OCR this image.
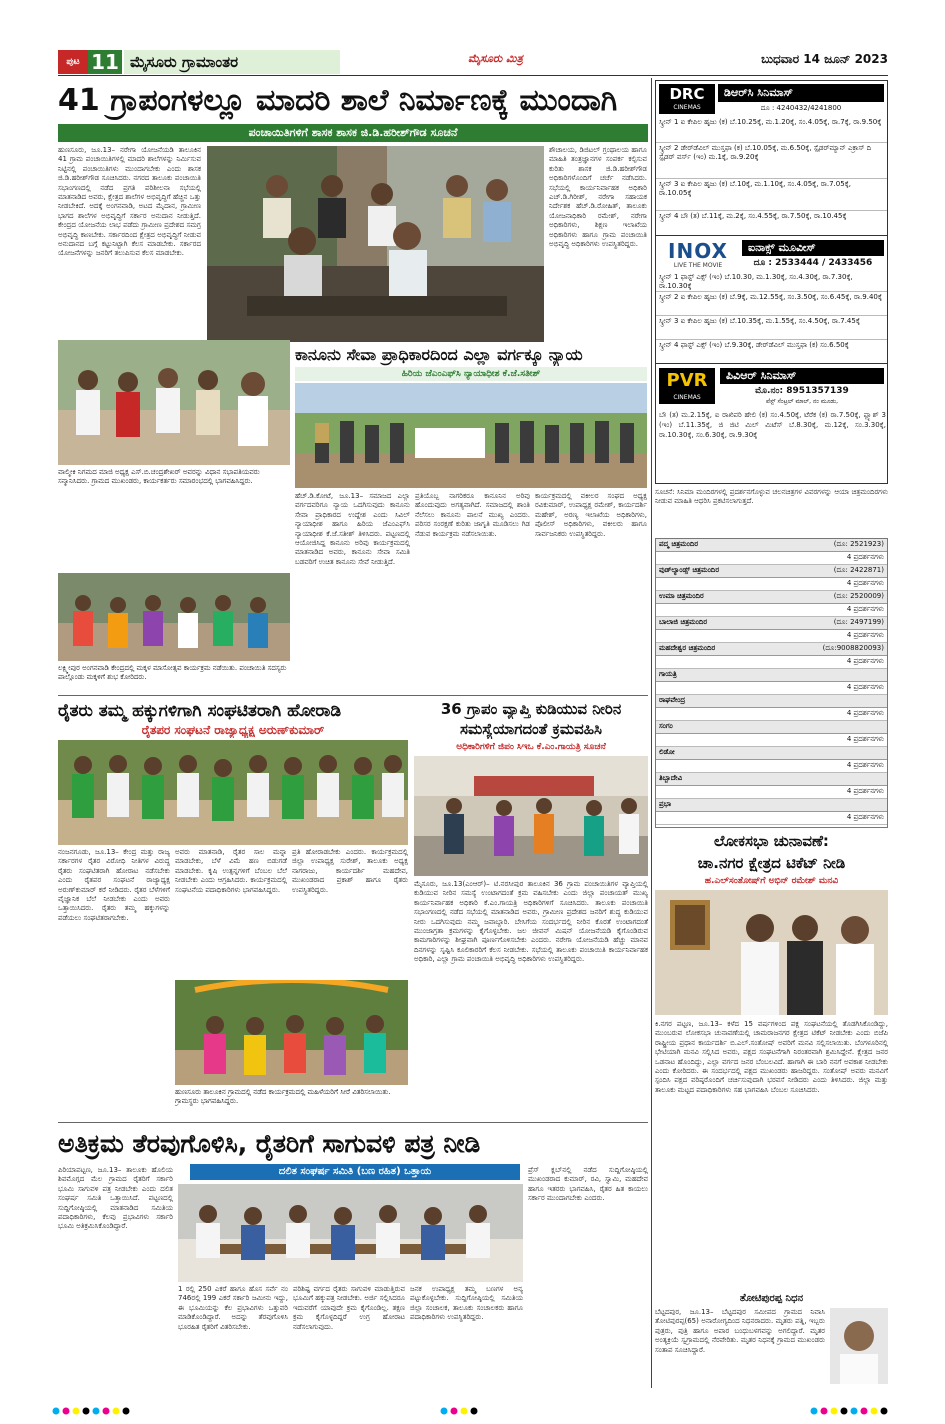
ಪುಟ 11 ಮೈಸೂರು ಗ್ರಾಮಾಂತರ	ಮೈಸೂರು ಮಿತ್ರ	ಬುಧವಾರ 14 ಜೂನ್ 2023
41 ಗ್ರಾಪಂಗಳಲ್ಲೂ ಮಾದರಿ ಶಾಲೆ ನಿರ್ಮಾಣಕ್ಕೆ ಮುಂದಾಗಿ
ಪಂಚಾಯಿತಿಗಳಿಗೆ ಶಾಸಕ ಶಾಸಕ ಜಿ.ಡಿ.ಹರೀಶ್‌ಗೌಡ ಸೂಚನೆ
ಹುಣಸೂರು, ಜೂ.13– ನರೇಗಾ ಯೋಜನೆಯಡಿ ತಾಲೂಕಿನ 41 ಗ್ರಾಮ ಪಂಚಾಯಿತಿಗಳಲ್ಲಿ ಮಾದರಿ ಶಾಲೆಗಳನ್ನು ನಿರ್ಮಿಸುವ ನಿಟ್ಟಿನಲ್ಲಿ ಪಂಚಾಯಿತಿಗಳು ಮುಂದಾಗಬೇಕು ಎಂದು ಶಾಸಕ ಜಿ.ಡಿ.ಹರೀಶ್‌ಗೌಡ ಸೂಚಿಸಿದರು. ನಗರದ ತಾಲೂಕು ಪಂಚಾಯಿತಿ ಸಭಾಂಗಣದಲ್ಲಿ ನಡೆದ ಪ್ರಗತಿ ಪರಿಶೀಲನಾ ಸಭೆಯಲ್ಲಿ ಮಾತನಾಡಿದ ಅವರು, ಕ್ಷೇತ್ರದ ಶಾಲೆಗಳ ಅಭಿವೃದ್ಧಿಗೆ ಹೆಚ್ಚಿನ ಒತ್ತು ನೀಡಬೇಕಿದೆ. ಅದಕ್ಕೆ ಅಂಗನವಾಡಿ, ಅಟದ ಮೈದಾನ, ಗ್ರಾಮೀಣ ಭಾಗದ ಶಾಲೆಗಳ ಅಭಿವೃದ್ಧಿಗೆ ಸರ್ಕಾರ ಅನುದಾನ ನೀಡುತ್ತಿದೆ. ಕೇಂದ್ರದ ಯೋಜನೆಯ ಲಾಭ ಪಡೆದು ಗ್ರಾಮೀಣ ಪ್ರದೇಶದ ಸಮಗ್ರ ಅಭಿವೃದ್ಧಿ ಕಾಣಬೇಕು. ಸರ್ಕಾರದಿಂದ ಕ್ಷೇತ್ರದ ಅಭಿವೃದ್ಧಿಗೆ ನೀಡುವ ಅನುದಾನದ ಬಗ್ಗೆ ಕಟ್ಟುನಿಟ್ಟಾಗಿ ಕೆಲಸ ಮಾಡಬೇಕು. ಸರ್ಕಾರದ ಯೋಜನೆಗಳನ್ನು ಜನರಿಗೆ ತಲುಪಿಸುವ ಕೆಲಸ ಮಾಡಬೇಕು.
ಶೌಚಾಲಯ, ಡಿಜಿಟಲ್ ಗ್ರಂಥಾಲಯ ಹಾಗೂ ಮಾಹಿತಿ ತಂತ್ರಜ್ಞಾನಗಳ ಸಂಪರ್ಕ ಕಲ್ಪಿಸುವ ಕುರಿತು ಶಾಸಕ ಜಿ.ಡಿ.ಹರೀಶ್‌ಗೌಡ ಅಧಿಕಾರಿಗಳೊಂದಿಗೆ ಚರ್ಚೆ ನಡೆಸಿದರು. ಸಭೆಯಲ್ಲಿ ಕಾರ್ಯನಿರ್ವಾಹಕ ಅಧಿಕಾರಿ ಎಚ್.ಡಿ.ಗಿರೀಶ್, ನರೇಗಾ ಸಹಾಯಕ ನಿರ್ದೇಶಕ ಹೆಚ್.ಡಿ.ರೋಹಿತ್, ತಾಲೂಕು ಯೋಜನಾಧಿಕಾರಿ ರಮೇಶ್, ನರೇಗಾ ಅಧಿಕಾರಿಗಳು, ಶಿಕ್ಷಣ ಇಲಾಖೆಯ ಅಧಿಕಾರಿಗಳು ಹಾಗೂ ಗ್ರಾಮ ಪಂಚಾಯಿತಿ ಅಭಿವೃದ್ಧಿ ಅಧಿಕಾರಿಗಳು ಉಪಸ್ಥಿತರಿದ್ದರು.
ವಾಲ್ಮೀಕಿ ನಿಗಮದ ಮಾಜಿ ಅಧ್ಯಕ್ಷ ಎಸ್.ಬಿ.ಚಂದ್ರಶೇಖರ್ ಅವರನ್ನು ವಿಧಾನ ಸಭಾಪತಿಯವರು ಸನ್ಮಾನಿಸಿದರು. ಗ್ರಾಮದ ಮುಖಂಡರು, ಕಾರ್ಯಕರ್ತರು ಸಮಾರಂಭದಲ್ಲಿ ಭಾಗವಹಿಸಿದ್ದರು.
ಲಕ್ಷ್ಮೀಪುರ ಅಂಗನವಾಡಿ ಕೇಂದ್ರದಲ್ಲಿ ಮಕ್ಕಳ ಮಾಸೋತ್ಸವ ಕಾರ್ಯಕ್ರಮ ನಡೆಯಿತು. ಪಂಚಾಯಿತಿ ಸದಸ್ಯರು ಪಾಲ್ಗೊಂಡು ಮಕ್ಕಳಿಗೆ ಶುಭ ಕೋರಿದರು.
ಕಾನೂನು ಸೇವಾ ಪ್ರಾಧಿಕಾರದಿಂದ ಎಲ್ಲಾ ವರ್ಗಕ್ಕೂ ನ್ಯಾಯ
ಹಿರಿಯ ಜೆಎಂಎಫ್‌ಸಿ ನ್ಯಾಯಾಧೀಶ ಕೆ.ಜೆ.ಸತೀಶ್
ಹೆಚ್.ಡಿ.ಕೋಟೆ, ಜೂ.13– ಸಮಾಜದ ಎಲ್ಲಾ ವರ್ಗದವರಿಗೂ ನ್ಯಾಯ ಒದಗಿಸುವುದು ಕಾನೂನು ಸೇವಾ ಪ್ರಾಧಿಕಾರದ ಉದ್ದೇಶ ಎಂದು ಸಿವಿಲ್ ನ್ಯಾಯಾಧೀಶ ಹಾಗೂ ಹಿರಿಯ ಜೆಎಂಎಫ್‌ಸಿ ನ್ಯಾಯಾಧೀಶ ಕೆ.ಜೆ.ಸತೀಶ್ ತಿಳಿಸಿದರು. ಪಟ್ಟಣದಲ್ಲಿ ಆಯೋಜಿಸಿದ್ದ ಕಾನೂನು ಅರಿವು ಕಾರ್ಯಕ್ರಮದಲ್ಲಿ ಮಾತನಾಡಿದ ಅವರು, ಕಾನೂನು ಸೇವಾ ಸಮಿತಿ ಬಡವರಿಗೆ ಉಚಿತ ಕಾನೂನು ಸೇವೆ ನೀಡುತ್ತಿದೆ.
ಪ್ರತಿಯೊಬ್ಬ ನಾಗರಿಕರೂ ಕಾನೂನಿನ ಅರಿವು ಹೊಂದುವುದು ಅಗತ್ಯವಾಗಿದೆ. ಸಮಾಜದಲ್ಲಿ ಶಾಂತಿ ನೆಲೆಸಲು ಕಾನೂನು ಪಾಲನೆ ಮುಖ್ಯ ಎಂದರು. ಪರಿಸರ ಸಂರಕ್ಷಣೆ ಕುರಿತು ಜಾಗೃತಿ ಮೂಡಿಸಲು ಗಿಡ ನೆಡುವ ಕಾರ್ಯಕ್ರಮ ನಡೆಸಲಾಯಿತು.
ಕಾರ್ಯಕ್ರಮದಲ್ಲಿ ವಕೀಲರ ಸಂಘದ ಅಧ್ಯಕ್ಷ ರವಿಕುಮಾರ್, ಉಪಾಧ್ಯಕ್ಷ ರಮೇಶ್, ಕಾರ್ಯದರ್ಶಿ ಮಹೇಶ್, ಅರಣ್ಯ ಇಲಾಖೆಯ ಅಧಿಕಾರಿಗಳು, ಪೊಲೀಸ್ ಅಧಿಕಾರಿಗಳು, ವಕೀಲರು ಹಾಗೂ ಸಾರ್ವಜನಿಕರು ಉಪಸ್ಥಿತರಿದ್ದರು.
ರೈತರು ತಮ್ಮ ಹಕ್ಕುಗಳಿಗಾಗಿ ಸಂಘಟಿತರಾಗಿ ಹೋರಾಡಿ
ರೈತಪರ ಸಂಘಟನೆ ರಾಜ್ಯಾಧ್ಯಕ್ಷ ಅರುಣ್‌ಕುಮಾರ್
ನಂಜನಗೂಡು, ಜೂ.13– ಕೇಂದ್ರ ಮತ್ತು ರಾಜ್ಯ ಸರ್ಕಾರಗಳ ರೈತರ ವಿರೋಧಿ ನೀತಿಗಳ ವಿರುದ್ಧ ರೈತರು ಸಂಘಟಿತರಾಗಿ ಹೋರಾಟ ನಡೆಸಬೇಕು ಎಂದು ರೈತಪರ ಸಂಘಟನೆ ರಾಜ್ಯಾಧ್ಯಕ್ಷ ಅರುಣ್‌ಕುಮಾರ್ ಕರೆ ನೀಡಿದರು. ರೈತರ ಬೆಳೆಗಳಿಗೆ ವೈಜ್ಞಾನಿಕ ಬೆಲೆ ನೀಡಬೇಕು ಎಂದು ಅವರು ಒತ್ತಾಯಿಸಿದರು. ರೈತರು ತಮ್ಮ ಹಕ್ಕುಗಳನ್ನು ಪಡೆಯಲು ಸಂಘಟಿತರಾಗಬೇಕು.
ಅವರು ಮಾತನಾಡಿ, ರೈತರ ಸಾಲ ಮನ್ನಾ ಮಾಡಬೇಕು, ಬೆಳೆ ವಿಮೆ ಹಣ ಬಿಡುಗಡೆ ಮಾಡಬೇಕು. ಕೃಷಿ ಉತ್ಪನ್ನಗಳಿಗೆ ಬೆಂಬಲ ಬೆಲೆ ನೀಡಬೇಕು ಎಂದು ಆಗ್ರಹಿಸಿದರು. ಕಾರ್ಯಕ್ರಮದಲ್ಲಿ ಸಂಘಟನೆಯ ಪದಾಧಿಕಾರಿಗಳು ಭಾಗವಹಿಸಿದ್ದರು.
ಪ್ರತಿ ಹೋರಾಡಬೇಕು ಎಂದರು. ಕಾರ್ಯಕ್ರಮದಲ್ಲಿ ಜಿಲ್ಲಾ ಉಪಾಧ್ಯಕ್ಷ ಸುರೇಶ್, ತಾಲೂಕು ಅಧ್ಯಕ್ಷ ನಾಗರಾಜು, ಕಾರ್ಯದರ್ಶಿ ಮಹದೇವ, ಮುಖಂಡರಾದ ಪ್ರಕಾಶ್ ಹಾಗೂ ರೈತರು ಉಪಸ್ಥಿತರಿದ್ದರು.
ಹುಣಸೂರು ತಾಲೂಕಿನ ಗ್ರಾಮದಲ್ಲಿ ನಡೆದ ಕಾರ್ಯಕ್ರಮದಲ್ಲಿ ಮಹಿಳೆಯರಿಗೆ ಸೀರೆ ವಿತರಿಸಲಾಯಿತು. ಗ್ರಾಮಸ್ಥರು ಭಾಗವಹಿಸಿದ್ದರು.
36 ಗ್ರಾಪಂ ವ್ಯಾಪ್ತಿ ಕುಡಿಯುವ ನೀರಿನ
ಸಮಸ್ಯೆಯಾಗದಂತೆ ಕ್ರಮವಹಿಸಿ
ಅಧಿಕಾರಿಗಳಿಗೆ ಜಿಪಂ ಸಿಇಒ ಕೆ.ಎಂ.ಗಾಯತ್ರಿ ಸೂಚನೆ
ಮೈಸೂರು, ಜೂ.13(ಎಂಆರ್)– ಟಿ.ನರಸೀಪುರ ತಾಲೂಕಿನ 36 ಗ್ರಾಮ ಪಂಚಾಯಿತಿಗಳ ವ್ಯಾಪ್ತಿಯಲ್ಲಿ ಕುಡಿಯುವ ನೀರಿನ ಸಮಸ್ಯೆ ಉಂಟಾಗದಂತೆ ಕ್ರಮ ವಹಿಸಬೇಕು ಎಂದು ಜಿಲ್ಲಾ ಪಂಚಾಯತ್ ಮುಖ್ಯ ಕಾರ್ಯನಿರ್ವಾಹಕ ಅಧಿಕಾರಿ ಕೆ.ಎಂ.ಗಾಯತ್ರಿ ಅಧಿಕಾರಿಗಳಿಗೆ ಸೂಚಿಸಿದರು. ತಾಲೂಕು ಪಂಚಾಯಿತಿ ಸಭಾಂಗಣದಲ್ಲಿ ನಡೆದ ಸಭೆಯಲ್ಲಿ ಮಾತನಾಡಿದ ಅವರು, ಗ್ರಾಮೀಣ ಪ್ರದೇಶದ ಜನರಿಗೆ ಶುದ್ಧ ಕುಡಿಯುವ ನೀರು ಒದಗಿಸುವುದು ನಮ್ಮ ಜವಾಬ್ದಾರಿ. ಬೇಸಿಗೆಯ ಸಂದರ್ಭದಲ್ಲಿ ನೀರಿನ ಕೊರತೆ ಉಂಟಾಗದಂತೆ ಮುಂಜಾಗ್ರತಾ ಕ್ರಮಗಳನ್ನು ಕೈಗೊಳ್ಳಬೇಕು. ಜಲ ಜೀವನ್ ಮಿಷನ್ ಯೋಜನೆಯಡಿ ಕೈಗೊಂಡಿರುವ ಕಾಮಗಾರಿಗಳನ್ನು ಶೀಘ್ರವಾಗಿ ಪೂರ್ಣಗೊಳಿಸಬೇಕು ಎಂದರು. ನರೇಗಾ ಯೋಜನೆಯಡಿ ಹೆಚ್ಚು ಮಾನವ ದಿನಗಳನ್ನು ಸೃಷ್ಟಿಸಿ ಕೂಲಿಕಾರರಿಗೆ ಕೆಲಸ ನೀಡಬೇಕು. ಸಭೆಯಲ್ಲಿ ತಾಲೂಕು ಪಂಚಾಯಿತಿ ಕಾರ್ಯನಿರ್ವಾಹಕ ಅಧಿಕಾರಿ, ಎಲ್ಲಾ ಗ್ರಾಮ ಪಂಚಾಯಿತಿ ಅಭಿವೃದ್ಧಿ ಅಧಿಕಾರಿಗಳು ಉಪಸ್ಥಿತರಿದ್ದರು.
ಅತಿಕ್ರಮ ತೆರವುಗೊಳಿಸಿ, ರೈತರಿಗೆ ಸಾಗುವಳಿ ಪತ್ರ ನೀಡಿ
ದಲಿತ ಸಂಘರ್ಷ ಸಮಿತಿ (ಬಣ ರಹಿತ) ಒತ್ತಾಯ
ಪಿರಿಯಾಪಟ್ಟಣ, ಜೂ.13– ತಾಲೂಕು ಹೊಲಿಯ ಶಿವಮೊಗ್ಗದ ಮೆಲ ಗ್ರಾಮದ ರೈತರಿಗೆ ಸರ್ಕಾರಿ ಭೂಮಿ ಸಾಗುವಳಿ ಪತ್ರ ನೀಡಬೇಕು ಎಂದು ದಲಿತ ಸಂಘರ್ಷ ಸಮಿತಿ ಒತ್ತಾಯಿಸಿದೆ. ಪಟ್ಟಣದಲ್ಲಿ ಸುದ್ದಿಗೋಷ್ಠಿಯಲ್ಲಿ ಮಾತನಾಡಿದ ಸಮಿತಿಯ ಪದಾಧಿಕಾರಿಗಳು, ಕೆಲವು ಪ್ರಭಾವಿಗಳು ಸರ್ಕಾರಿ ಭೂಮಿ ಅತಿಕ್ರಮಿಸಿಕೊಂಡಿದ್ದಾರೆ.
1 ರಲ್ಲಿ 250 ಎಕರೆ ಹಾಗೂ ಹೊಸ ಸರ್ವೆ ನಂ 746ರಲ್ಲಿ 199 ಎಕರೆ ಸರ್ಕಾರಿ ಜಮೀನು ಇದ್ದು, ಈ ಭೂಮಿಯನ್ನು ಕೆಲ ಪ್ರಭಾವಿಗಳು ಒತ್ತುವರಿ ಮಾಡಿಕೊಂಡಿದ್ದಾರೆ. ಅದನ್ನು ತೆರವುಗೊಳಿಸಿ ಭೂರಹಿತ ರೈತರಿಗೆ ವಿತರಿಸಬೇಕು.
ಪರಿಶಿಷ್ಟ ವರ್ಗದ ರೈತರು ಸಾಗುವಳಿ ಮಾಡುತ್ತಿರುವ ಭೂಮಿಗೆ ಹಕ್ಕುಪತ್ರ ನೀಡಬೇಕು. ಅರ್ಜಿ ಸಲ್ಲಿಸಿದರೂ ಇದುವರೆಗೆ ಯಾವುದೇ ಕ್ರಮ ಕೈಗೊಂಡಿಲ್ಲ. ತಕ್ಷಣ ಕ್ರಮ ಕೈಗೊಳ್ಳದಿದ್ದರೆ ಉಗ್ರ ಹೋರಾಟ ನಡೆಸಲಾಗುವುದು.
ಜನಕ ಉಪಾಧ್ಯಕ್ಷ ತಮ್ಮ ಬಣಗಳ ಅನ್ಯ ಪಟ್ಟುಕೊಳ್ಳಬೇಕು. ಸುದ್ದಿಗೋಷ್ಠಿಯಲ್ಲಿ ಸಮಿತಿಯ ಜಿಲ್ಲಾ ಸಂಚಾಲಕ, ತಾಲೂಕು ಸಂಚಾಲಕರು ಹಾಗೂ ಪದಾಧಿಕಾರಿಗಳು ಉಪಸ್ಥಿತರಿದ್ದರು.
ಪ್ರೆಸ್ ಕ್ಲಬ್‌ನಲ್ಲಿ ನಡೆದ ಸುದ್ದಿಗೋಷ್ಠಿಯಲ್ಲಿ ಮುಖಂಡರಾದ ಕುಮಾರ್, ರವಿ, ಸ್ವಾಮಿ, ಮಹದೇವ ಹಾಗೂ ಇತರರು ಭಾಗವಹಿಸಿ, ರೈತರ ಹಿತ ಕಾಯಲು ಸರ್ಕಾರ ಮುಂದಾಗಬೇಕು ಎಂದರು.
DRC
CINEMAS
ಡಿಆರ್‌ಸಿ ಸಿನಿಮಾಸ್
ದೂ : 4240432/4241800
ಸ್ಕ್ರೀನ್ 1 ಐ ಕೇಪಿಲ ಹೃಜು (ಕ) ಬೆ.10.25ಕ್ಕೆ, ಮ.1.20ಕ್ಕೆ, ಸಂ.4.05ಕ್ಕೆ, ರಾ.7ಕ್ಕೆ, ರಾ.9.50ಕ್ಕೆ
ಸ್ಕ್ರೀನ್ 2 ಡೇರ್‌ಡೆವಿಲ್ ಮುಸ್ತಫಾ (ಕ) ಬೆ.10.05ಕ್ಕೆ, ಮ.6.50ಕ್ಕೆ, ಸ್ಪೈಡರ್‌ಮ್ಯಾನ್ ಎಕ್ರಾಸ್ ದಿ ಸ್ಪೈಡರ್ ವರ್ಸ್ (ಇಂ) ಮ.1ಕ್ಕೆ, ರಾ.9.20ಕ್ಕೆ
ಸ್ಕ್ರೀನ್ 3 ಐ ಕೇಪಿಲ ಹೃಜು (ಕ) ಬೆ.10ಕ್ಕೆ, ಮ.1.10ಕ್ಕೆ, ಸಂ.4.05ಕ್ಕೆ, ರಾ.7.05ಕ್ಕೆ, ರಾ.10.05ಕ್ಕೆ
ಸ್ಕ್ರೀನ್ 4 ಬೌ (ತ) ಬೆ.11ಕ್ಕೆ, ಮ.2ಕ್ಕೆ, ಸಂ.4.55ಕ್ಕೆ, ರಾ.7.50ಕ್ಕೆ, ರಾ.10.45ಕ್ಕೆ
INOX
LIVE THE MOVIE
ಐನಾಕ್ಸ್ ಮೂವೀಸ್
ದೂ : 2533444 / 2433456
ಸ್ಕ್ರೀನ್ 1 ಫಾಸ್ಟ್ ಎಕ್ಸ್ (ಇಂ) ಬೆ.10.30, ಮ.1.30ಕ್ಕೆ, ಸಂ.4.30ಕ್ಕೆ, ರಾ.7.30ಕ್ಕೆ, ರಾ.10.30ಕ್ಕೆ
ಸ್ಕ್ರೀನ್ 2 ಐ ಕೇಪಿಲ ಹೃಜು (ಕ) ಬೆ.9ಕ್ಕೆ, ಮ.12.55ಕ್ಕೆ, ಸಂ.3.50ಕ್ಕೆ, ಸಂ.6.45ಕ್ಕೆ, ರಾ.9.40ಕ್ಕೆ
ಸ್ಕ್ರೀನ್ 3 ಐ ಕೇಪಿಲ ಹೃಜು (ಕ) ಬೆ.10.35ಕ್ಕೆ, ಮ.1.55ಕ್ಕೆ, ಸಂ.4.50ಕ್ಕೆ, ರಾ.7.45ಕ್ಕೆ
ಸ್ಕ್ರೀನ್ 4 ಫಾಸ್ಟ್ ಎಕ್ಸ್ (ಇಂ) ಬೆ.9.30ಕ್ಕೆ, ಡೇರ್‌ಡೆವಿಲ್ ಮುಸ್ತಫಾ (ಕ) ಸಂ.6.50ಕ್ಕೆ
PVR
CINEMAS
ಪಿವಿಆರ್ ಸಿನಿಮಾಸ್
ಮೊ.ನಂ: 8951357139
ಪೆಸ್ಟ್ ಸೆಂಟ್ರಲ್ ಮಾಲ್, ನಂ ಮೂಡು,
ಬೌ (ತ) ಮ.2.15ಕ್ಕೆ, ಐ ರಾಖಿಪರಿ ಹೇಲಿ (ಕ) ಸಂ.4.50ಕ್ಕೆ, ಟೆರೆಕ (ಕ) ರಾ.7.50ಕ್ಕೆ, ಫ್ಲ್ಯಾಶ್ 3 (ಇಂ) ಬೆ.11.35ಕ್ಕೆ, ಜಿ ಜಿಟಿ ಮಿಲ್ ಮಿಟೆಸ್ ಬೆ.8.30ಕ್ಕೆ, ಮ.12ಕ್ಕೆ, ಸಂ.3.30ಕ್ಕೆ, ರಾ.10.30ಕ್ಕೆ, ಸಂ.6.30ಕ್ಕೆ, ರಾ.9.30ಕ್ಕೆ
ಸೂಚನೆ: ಸಿನಿಮಾ ಮಂದಿರಗಳಲ್ಲಿ ಪ್ರದರ್ಶನಗೊಳ್ಳುವ ಚಲನಚಿತ್ರಗಳ ವಿವರಗಳನ್ನು ಆಯಾ ಚಿತ್ರಮಂದಿರಗಳು ನೀಡುವ ಮಾಹಿತಿ ಆಧರಿಸಿ ಪ್ರಕಟಿಸಲಾಗುತ್ತದೆ.
ಪದ್ಮ ಚಿತ್ರಮಂದಿರ	(ದೂ: 2521923)
4 ಪ್ರದರ್ಶನಗಳು
ವುಡ್‌ಲ್ಯಾಂಡ್ಸ್ ಚಿತ್ರಮಂದಿರ	(ದೂ: 2422871)
4 ಪ್ರದರ್ಶನಗಳು
ಉಮಾ ಚಿತ್ರಮಂದಿರ	(ದೂ: 2520009)
4 ಪ್ರದರ್ಶನಗಳು
ಬಾಲಾಜಿ ಚಿತ್ರಮಂದಿರ	(ದೂ: 2497199)
4 ಪ್ರದರ್ಶನಗಳು
ಮಹದೇಶ್ವರ ಚಿತ್ರಮಂದಿರ	(ದೂ:9008820093)
4 ಪ್ರದರ್ಶನಗಳು
ಗಾಯತ್ರಿ
4 ಪ್ರದರ್ಶನಗಳು
ರಾಘವೇಂದ್ರ
4 ಪ್ರದರ್ಶನಗಳು
ಸಂಗಂ
4 ಪ್ರದರ್ಶನಗಳು
ಲಿಡೋ
4 ಪ್ರದರ್ಶನಗಳು
ತಿಬ್ಬಾದೇವಿ
4 ಪ್ರದರ್ಶನಗಳು
ಪ್ರಭಾ
4 ಪ್ರದರ್ಶನಗಳು
ಲೋಕಸಭಾ ಚುನಾವಣೆ:
ಚಾ.ನಗರ ಕ್ಷೇತ್ರದ ಟಿಕೆಟ್ ನೀಡಿ
ಹ.ಎಲ್‌ಸಂತೋಷ್‌ಗೆ ಅಭಿನ್ ರಮೇಶ್ ಮನವಿ
ಕಿ.ನಗರ ಪಟ್ಟಣ, ಜೂ.13– ಕಳೆದ 15 ವರ್ಷಗಳಿಂದ ಪಕ್ಷ ಸಂಘಟನೆಯಲ್ಲಿ ತೊಡಗಿಸಿಕೊಂಡಿದ್ದು, ಮುಂಬರುವ ಲೋಕಸಭಾ ಚುನಾವಣೆಯಲ್ಲಿ ಚಾಮರಾಜನಗರ ಕ್ಷೇತ್ರದ ಟಿಕೆಟ್ ನೀಡಬೇಕು ಎಂದು ಬಿಜೆಪಿ ರಾಷ್ಟ್ರೀಯ ಪ್ರಧಾನ ಕಾರ್ಯದರ್ಶಿ ಬಿ.ಎಲ್.ಸಂತೋಷ್ ಅವರಿಗೆ ಮನವಿ ಸಲ್ಲಿಸಲಾಯಿತು. ಬೆಂಗಳೂರಿನಲ್ಲಿ ಭೇಟಿಯಾಗಿ ಮನವಿ ಸಲ್ಲಿಸಿದ ಅವರು, ಪಕ್ಷದ ಸಂಘಟನೆಗಾಗಿ ನಿರಂತರವಾಗಿ ಶ್ರಮಿಸಿದ್ದೇನೆ. ಕ್ಷೇತ್ರದ ಜನರ ಒಡನಾಟ ಹೊಂದಿದ್ದು, ಎಲ್ಲಾ ವರ್ಗದ ಜನರ ಬೆಂಬಲವಿದೆ. ಹಾಗಾಗಿ ಈ ಬಾರಿ ನನಗೆ ಅವಕಾಶ ನೀಡಬೇಕು ಎಂದು ಕೋರಿದರು. ಈ ಸಂದರ್ಭದಲ್ಲಿ ಪಕ್ಷದ ಮುಖಂಡರು ಹಾಜರಿದ್ದರು. ಸಂತೋಷ್ ಅವರು ಮನವಿಗೆ ಸ್ಪಂದಿಸಿ ಪಕ್ಷದ ವರಿಷ್ಠರೊಂದಿಗೆ ಚರ್ಚಿಸುವುದಾಗಿ ಭರವಸೆ ನೀಡಿದರು ಎಂದು ತಿಳಿಸಿದರು. ಜಿಲ್ಲಾ ಮತ್ತು ತಾಲೂಕು ಮಟ್ಟದ ಪದಾಧಿಕಾರಿಗಳು ಸಹ ಭಾಗವಹಿಸಿ ಬೆಂಬಲ ಸೂಚಿಸಿದರು.
ತೋಟಿಪುರಪ್ಪ ನಿಧನ
ಬೆಟ್ಟದಪುರ, ಜೂ.13– ಬೆಟ್ಟದಪುರ ಸಮೀಪದ ಗ್ರಾಮದ ನಿವಾಸಿ ತೋಟಿಪುರಪ್ಪ(65) ಅನಾರೋಗ್ಯದಿಂದ ನಿಧನರಾದರು. ಮೃತರು ಪತ್ನಿ, ಇಬ್ಬರು ಪುತ್ರರು, ಪುತ್ರಿ ಹಾಗೂ ಅಪಾರ ಬಂಧುಬಳಗವನ್ನು ಅಗಲಿದ್ದಾರೆ. ಮೃತರ ಅಂತ್ಯಕ್ರಿಯೆ ಸ್ವಗ್ರಾಮದಲ್ಲಿ ನೆರವೇರಿತು. ಮೃತರ ನಿಧನಕ್ಕೆ ಗ್ರಾಮದ ಮುಖಂಡರು ಸಂತಾಪ ಸೂಚಿಸಿದ್ದಾರೆ.
